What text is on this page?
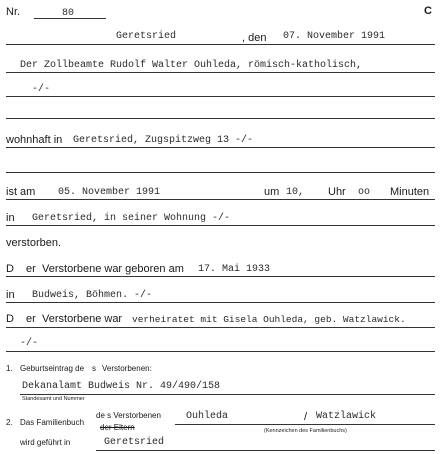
Nr.	80	C
Geretsried	, den 07. November 1991
Der Zollbeamte Rudolf Walter Ouhleda, römisch-katholisch,
-/-
wohnhaft in Geretsried, Zugspitzweg 13 -/-
ist am 05. November 1991	um 10, Uhr oo Minuten
in Geretsried, in seiner Wohnung -/-
verstorben.
D er Verstorbene war geboren am 17. Mai 1933
in Budweis, Böhmen. -/-
D er Verstorbene war verheiratet mit Gisela Ouhleda, geb. Watzlawick.
-/-
1. Geburtseintrag de s Verstorbenen:
Dekanalamt Budweis Nr. 49/490/158
Standesamt und Nummer
2. Das Familienbuch
de s Verstorbenen
der Eltern
Ouhleda	/ Watzlawick
(Kennzeichen des Familienbuchs)
wird geführt in	Geretsried
